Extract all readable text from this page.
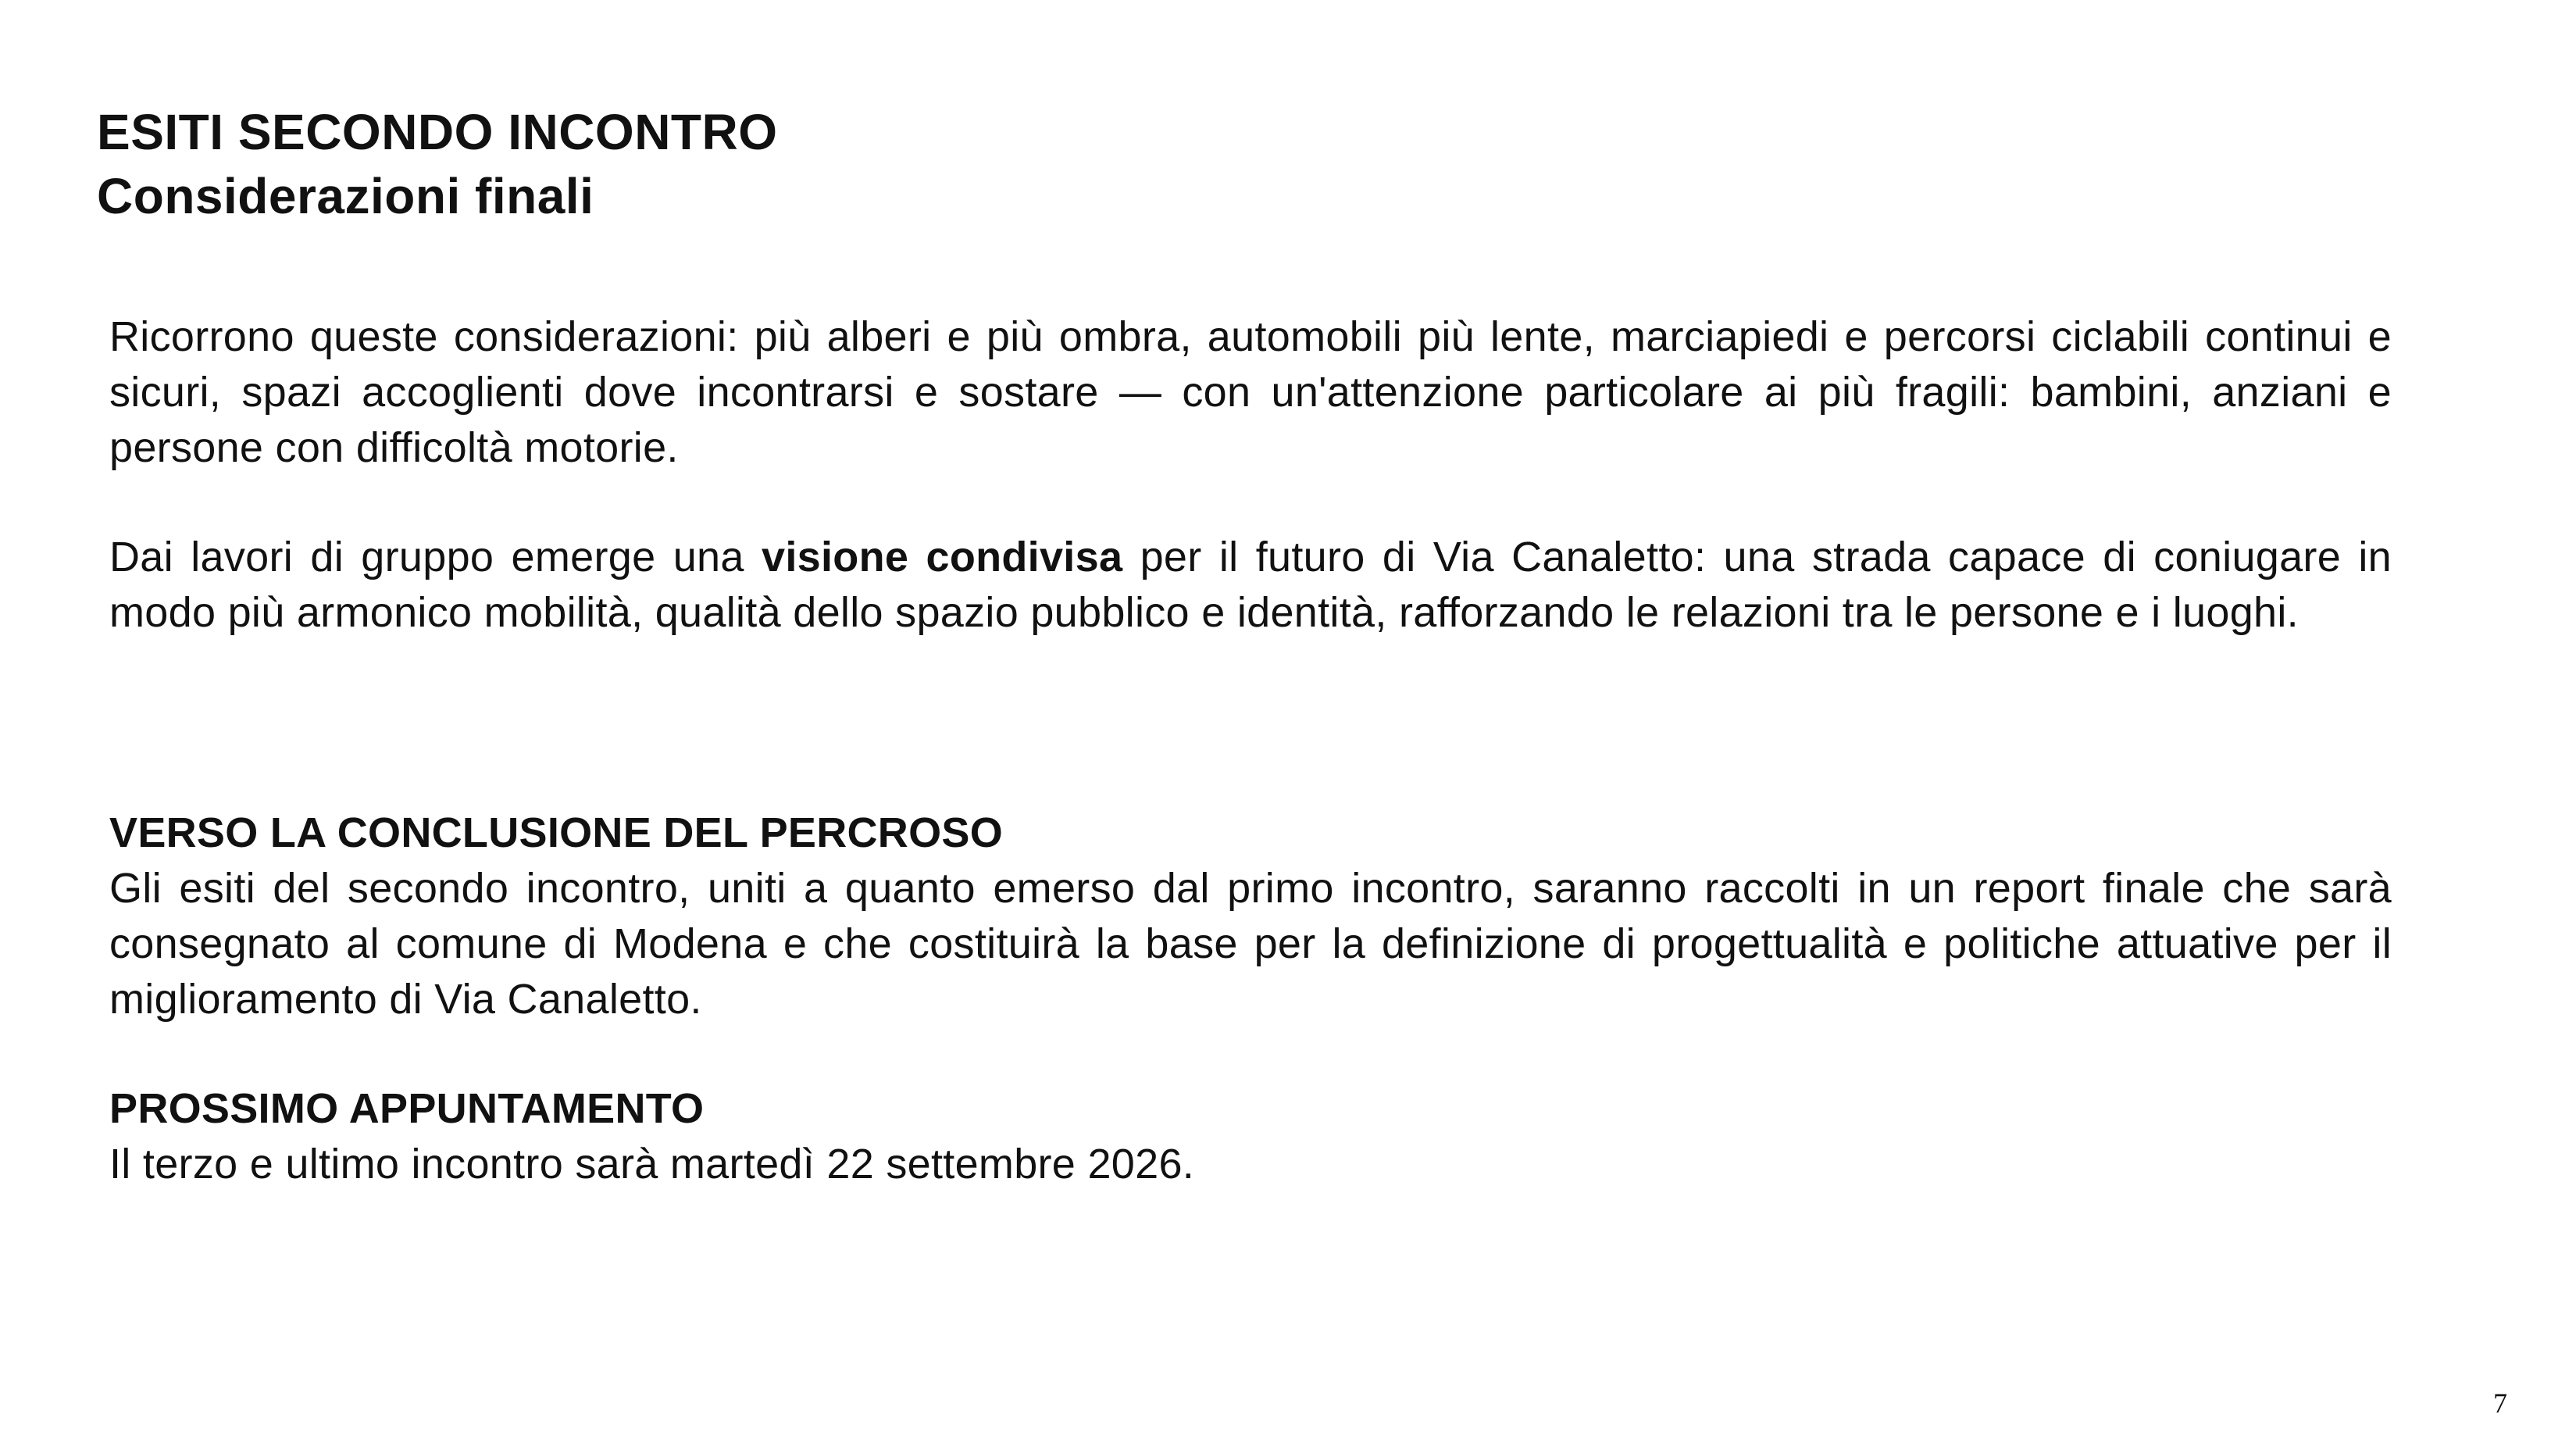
ESITI SECONDO INCONTRO
Considerazioni finali

Ricorrono queste considerazioni: più alberi e più ombra, automobili più lente, marciapiedi e percorsi ciclabili continui e sicuri, spazi accoglienti dove incontrarsi e sostare — con un'attenzione particolare ai più fragili: bambini, anziani e persone con difficoltà motorie.

Dai lavori di gruppo emerge una visione condivisa per il futuro di Via Canaletto: una strada capace di coniugare in modo più armonico mobilità, qualità dello spazio pubblico e identità, rafforzando le relazioni tra le persone e i luoghi.

VERSO LA CONCLUSIONE DEL PERCROSO
Gli esiti del secondo incontro, uniti a quanto emerso dal primo incontro, saranno raccolti in un report finale che sarà consegnato al comune di Modena e che costituirà la base per la definizione di progettualità e politiche attuative per il miglioramento di Via Canaletto.
PROSSIMO APPUNTAMENTO
Il terzo e ultimo incontro sarà martedì 22 settembre 2026.
7
